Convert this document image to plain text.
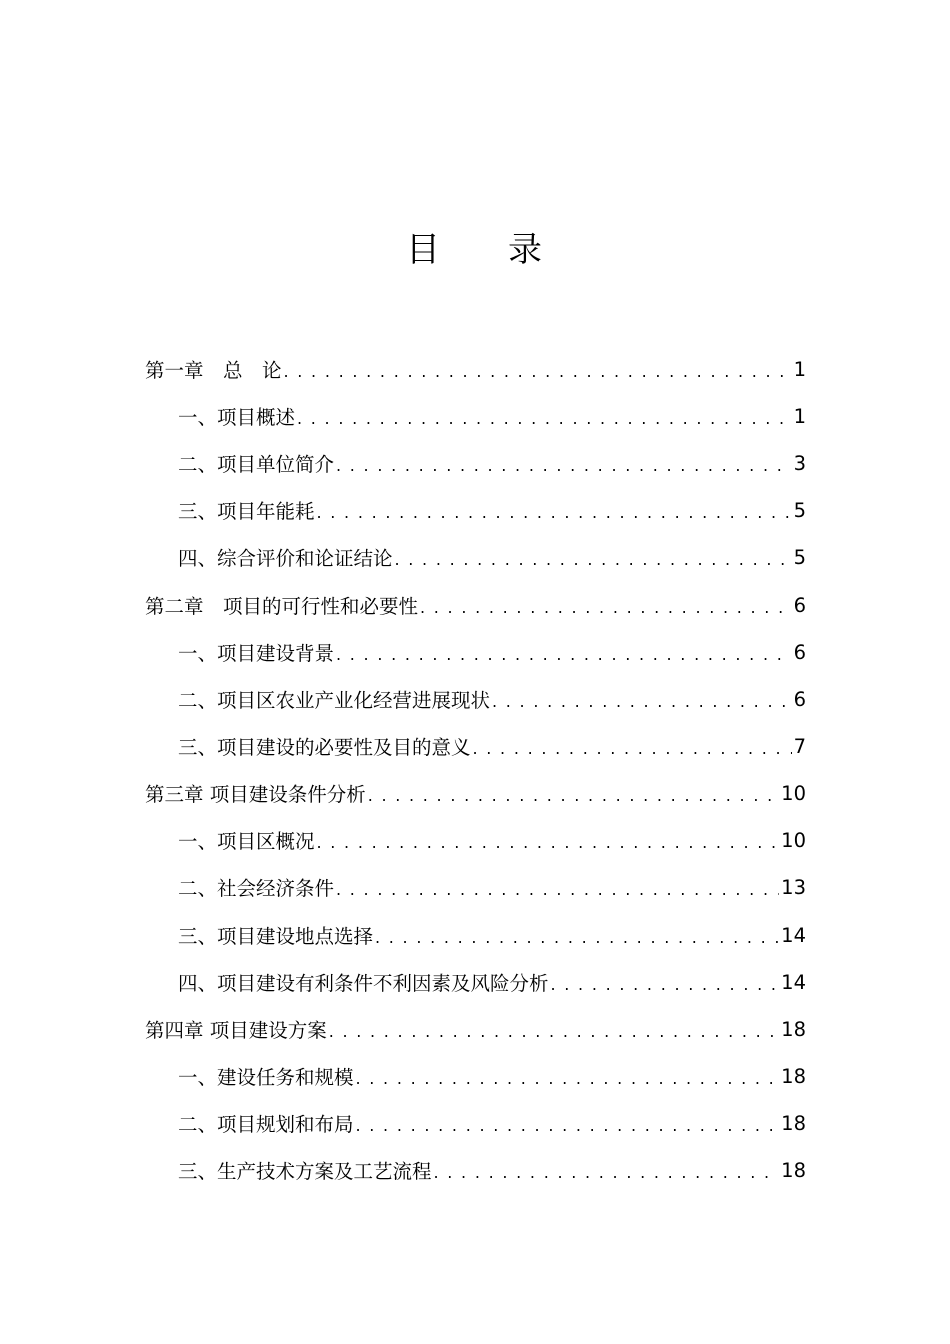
目 录
第一章　总　论 . . .	1
一、项目概述 . . .	1
二、项目单位简介 . . .	3
三、项目年能耗 . . .	5
四、综合评价和论证结论 . . .	5
第二章　项目的可行性和必要性 . . .	6
一、项目建设背景 . . .	6
二、项目区农业产业化经营进展现状 . . .	6
三、项目建设的必要性及目的意义 . . .	7
第三章 项目建设条件分析 . . .	10
一、项目区概况 . . .	10
二、社会经济条件 . . .	13
三、项目建设地点选择 . . .	14
四、项目建设有利条件不利因素及风险分析 . . .	14
第四章 项目建设方案 . . .	18
一、建设任务和规模 . . .	18
二、项目规划和布局 . . .	18
三、生产技术方案及工艺流程 . . .	18
